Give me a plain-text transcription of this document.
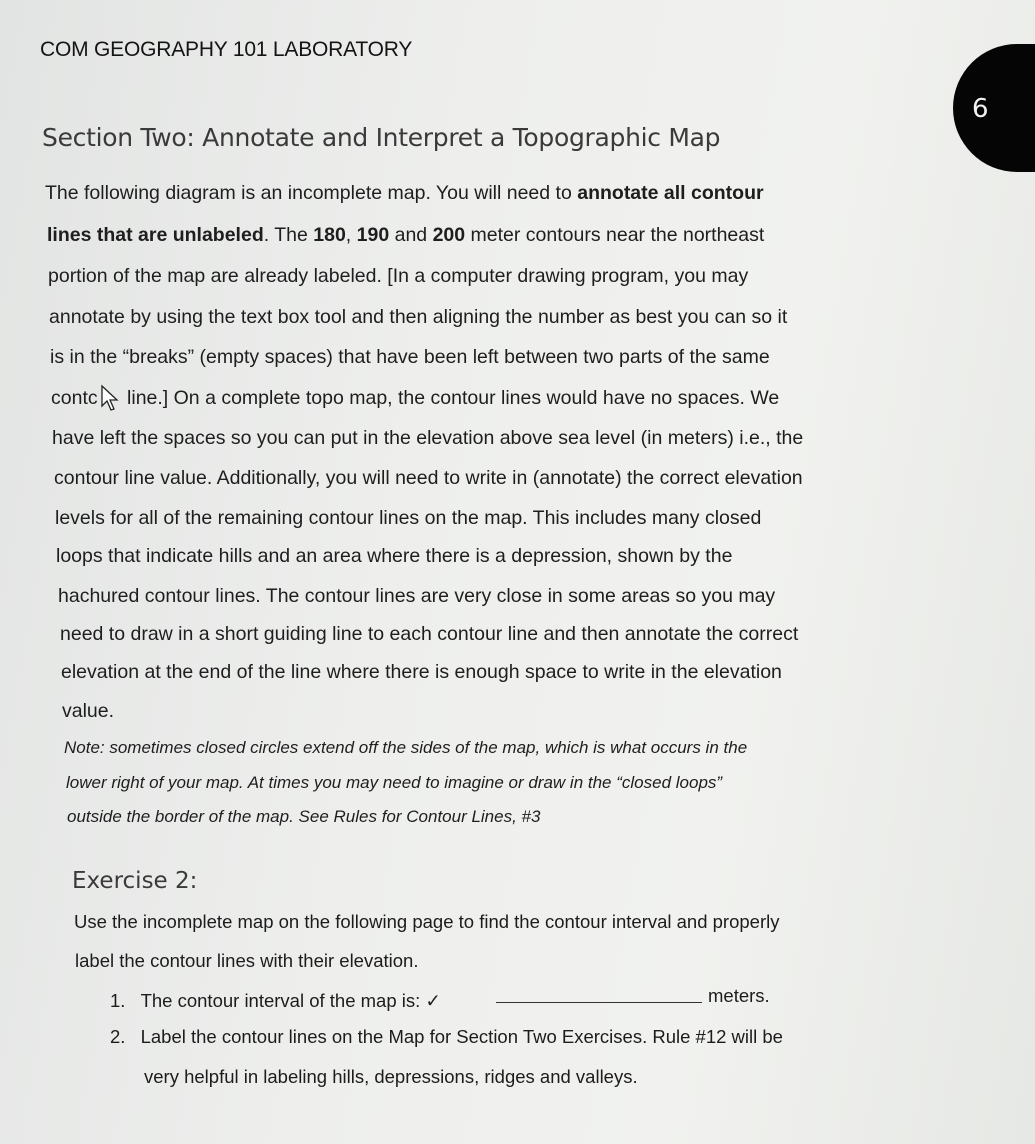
COM GEOGRAPHY 101 LABORATORY
6
Section Two: Annotate and Interpret a Topographic Map
The following diagram is an incomplete map. You will need to annotate all contour
lines that are unlabeled. The 180, 190 and 200 meter contours near the northeast
portion of the map are already labeled. [In a computer drawing program, you may
annotate by using the text box tool and then aligning the number as best you can so it
is in the “breaks” (empty spaces) that have been left between two parts of the same
contc line.] On a complete topo map, the contour lines would have no spaces. We
have left the spaces so you can put in the elevation above sea level (in meters) i.e., the
contour line value. Additionally, you will need to write in (annotate) the correct elevation
levels for all of the remaining contour lines on the map. This includes many closed
loops that indicate hills and an area where there is a depression, shown by the
hachured contour lines. The contour lines are very close in some areas so you may
need to draw in a short guiding line to each contour line and then annotate the correct
elevation at the end of the line where there is enough space to write in the elevation
value.
Note: sometimes closed circles extend off the sides of the map, which is what occurs in the
lower right of your map. At times you may need to imagine or draw in the “closed loops”
outside the border of the map. See Rules for Contour Lines, #3
Exercise 2:
Use the incomplete map on the following page to find the contour interval and properly
label the contour lines with their elevation.
1. The contour interval of the map is: ✓	meters.
2. Label the contour lines on the Map for Section Two Exercises. Rule #12 will be
very helpful in labeling hills, depressions, ridges and valleys.
